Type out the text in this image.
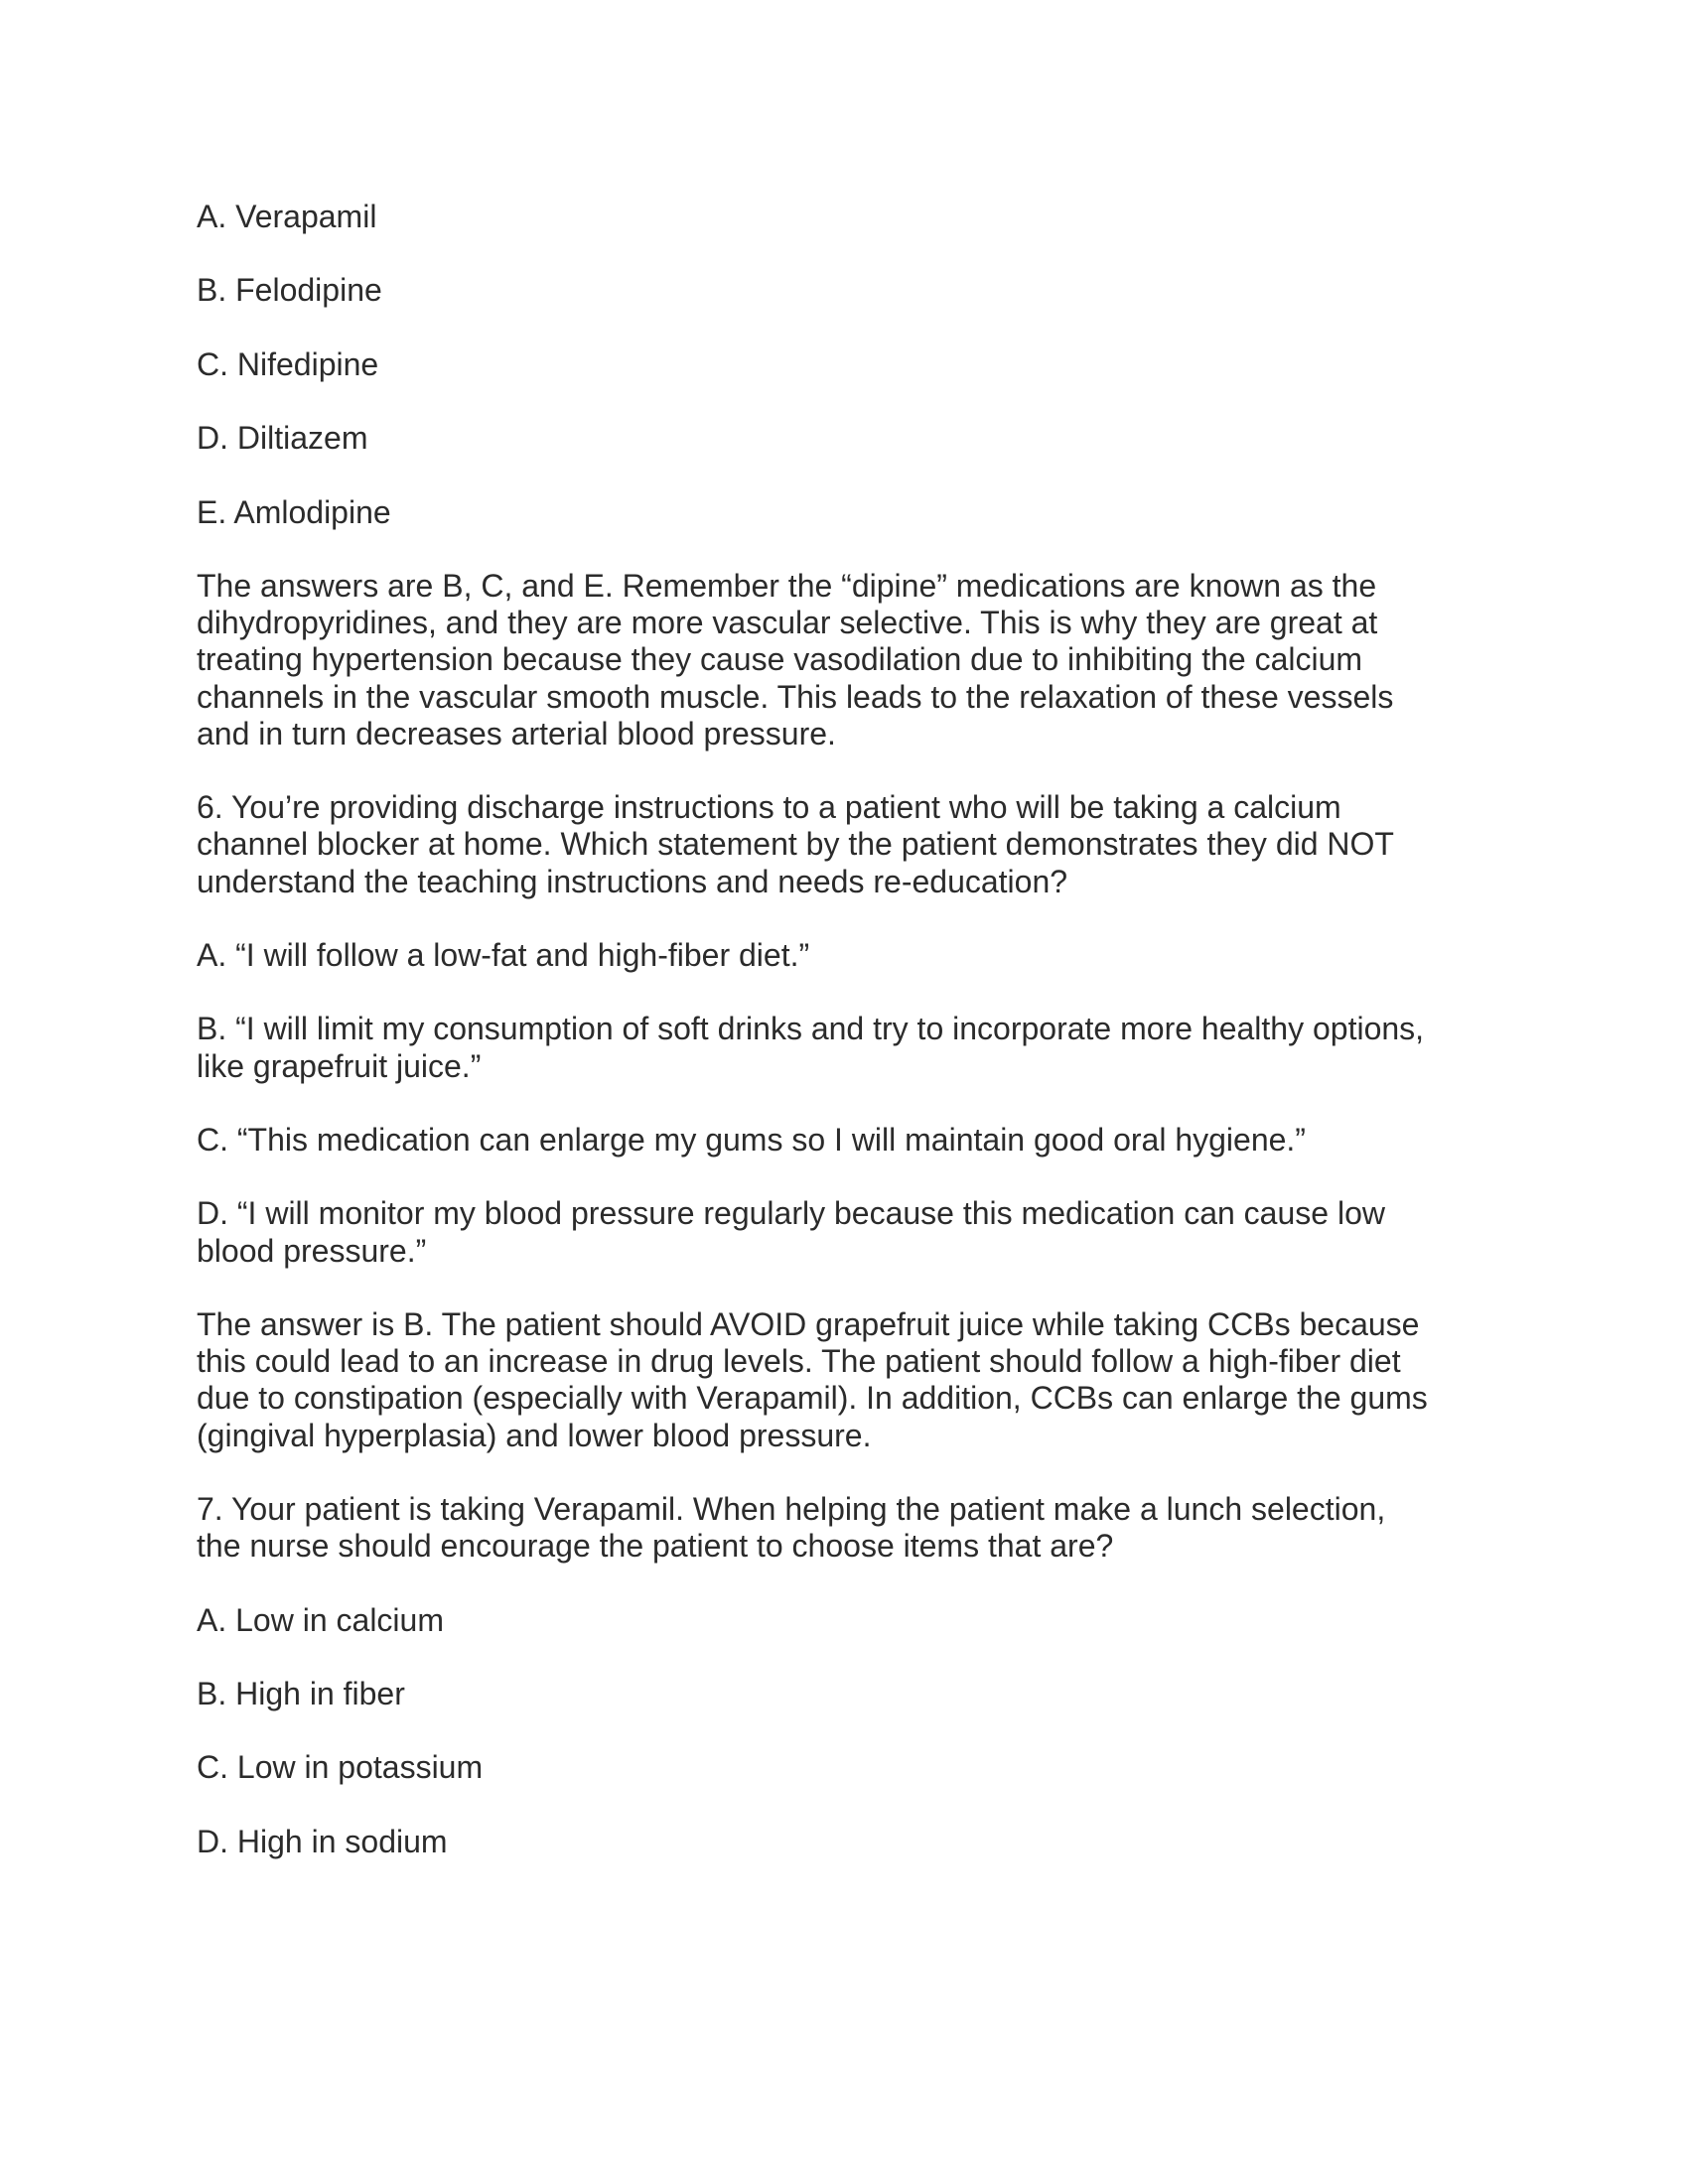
A. Verapamil

B. Felodipine

C. Nifedipine

D. Diltiazem

E. Amlodipine

The answers are B, C, and E. Remember the “dipine” medications are known as the
dihydropyridines, and they are more vascular selective. This is why they are great at
treating hypertension because they cause vasodilation due to inhibiting the calcium
channels in the vascular smooth muscle. This leads to the relaxation of these vessels
and in turn decreases arterial blood pressure.

6. You’re providing discharge instructions to a patient who will be taking a calcium
channel blocker at home. Which statement by the patient demonstrates they did NOT
understand the teaching instructions and needs re-education?

A. “I will follow a low-fat and high-fiber diet.”

B. “I will limit my consumption of soft drinks and try to incorporate more healthy options,
like grapefruit juice.”

C. “This medication can enlarge my gums so I will maintain good oral hygiene.”

D. “I will monitor my blood pressure regularly because this medication can cause low
blood pressure.”

The answer is B. The patient should AVOID grapefruit juice while taking CCBs because
this could lead to an increase in drug levels. The patient should follow a high-fiber diet
due to constipation (especially with Verapamil). In addition, CCBs can enlarge the gums
(gingival hyperplasia) and lower blood pressure.

7. Your patient is taking Verapamil. When helping the patient make a lunch selection,
the nurse should encourage the patient to choose items that are?

A. Low in calcium

B. High in fiber

C. Low in potassium

D. High in sodium
